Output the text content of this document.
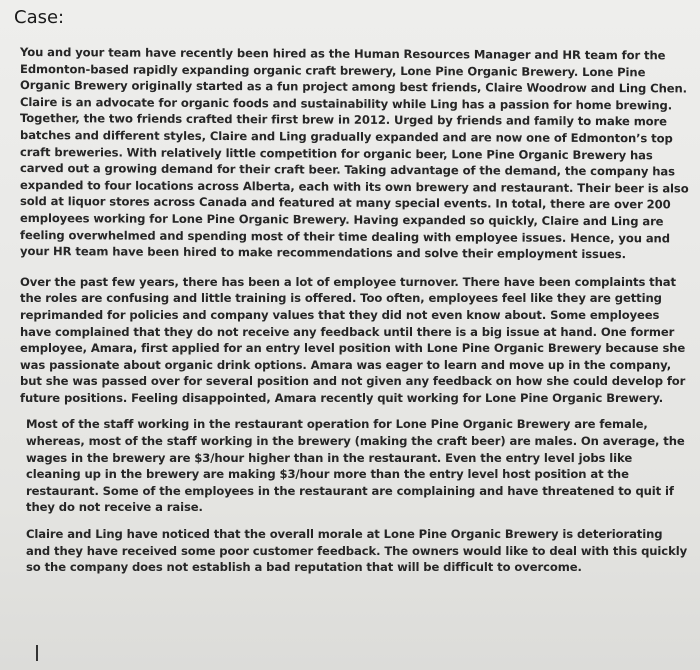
Case:

You and your team have recently been hired as the Human Resources Manager and HR team for the Edmonton-based rapidly expanding organic craft brewery, Lone Pine Organic Brewery. Lone Pine Organic Brewery originally started as a fun project among best friends, Claire Woodrow and Ling Chen. Claire is an advocate for organic foods and sustainability while Ling has a passion for home brewing. Together, the two friends crafted their first brew in 2012. Urged by friends and family to make more batches and different styles, Claire and Ling gradually expanded and are now one of Edmonton’s top craft breweries. With relatively little competition for organic beer, Lone Pine Organic Brewery has carved out a growing demand for their craft beer. Taking advantage of the demand, the company has expanded to four locations across Alberta, each with its own brewery and restaurant. Their beer is also sold at liquor stores across Canada and featured at many special events. In total, there are over 200 employees working for Lone Pine Organic Brewery. Having expanded so quickly, Claire and Ling are feeling overwhelmed and spending most of their time dealing with employee issues. Hence, you and your HR team have been hired to make recommendations and solve their employment issues.

Over the past few years, there has been a lot of employee turnover. There have been complaints that the roles are confusing and little training is offered. Too often, employees feel like they are getting reprimanded for policies and company values that they did not even know about. Some employees have complained that they do not receive any feedback until there is a big issue at hand. One former employee, Amara, first applied for an entry level position with Lone Pine Organic Brewery because she was passionate about organic drink options. Amara was eager to learn and move up in the company, but she was passed over for several position and not given any feedback on how she could develop for future positions. Feeling disappointed, Amara recently quit working for Lone Pine Organic Brewery.

Most of the staff working in the restaurant operation for Lone Pine Organic Brewery are female, whereas, most of the staff working in the brewery (making the craft beer) are males. On average, the wages in the brewery are $3/hour higher than in the restaurant. Even the entry level jobs like cleaning up in the brewery are making $3/hour more than the entry level host position at the restaurant. Some of the employees in the restaurant are complaining and have threatened to quit if they do not receive a raise.

Claire and Ling have noticed that the overall morale at Lone Pine Organic Brewery is deteriorating and they have received some poor customer feedback. The owners would like to deal with this quickly so the company does not establish a bad reputation that will be difficult to overcome.
